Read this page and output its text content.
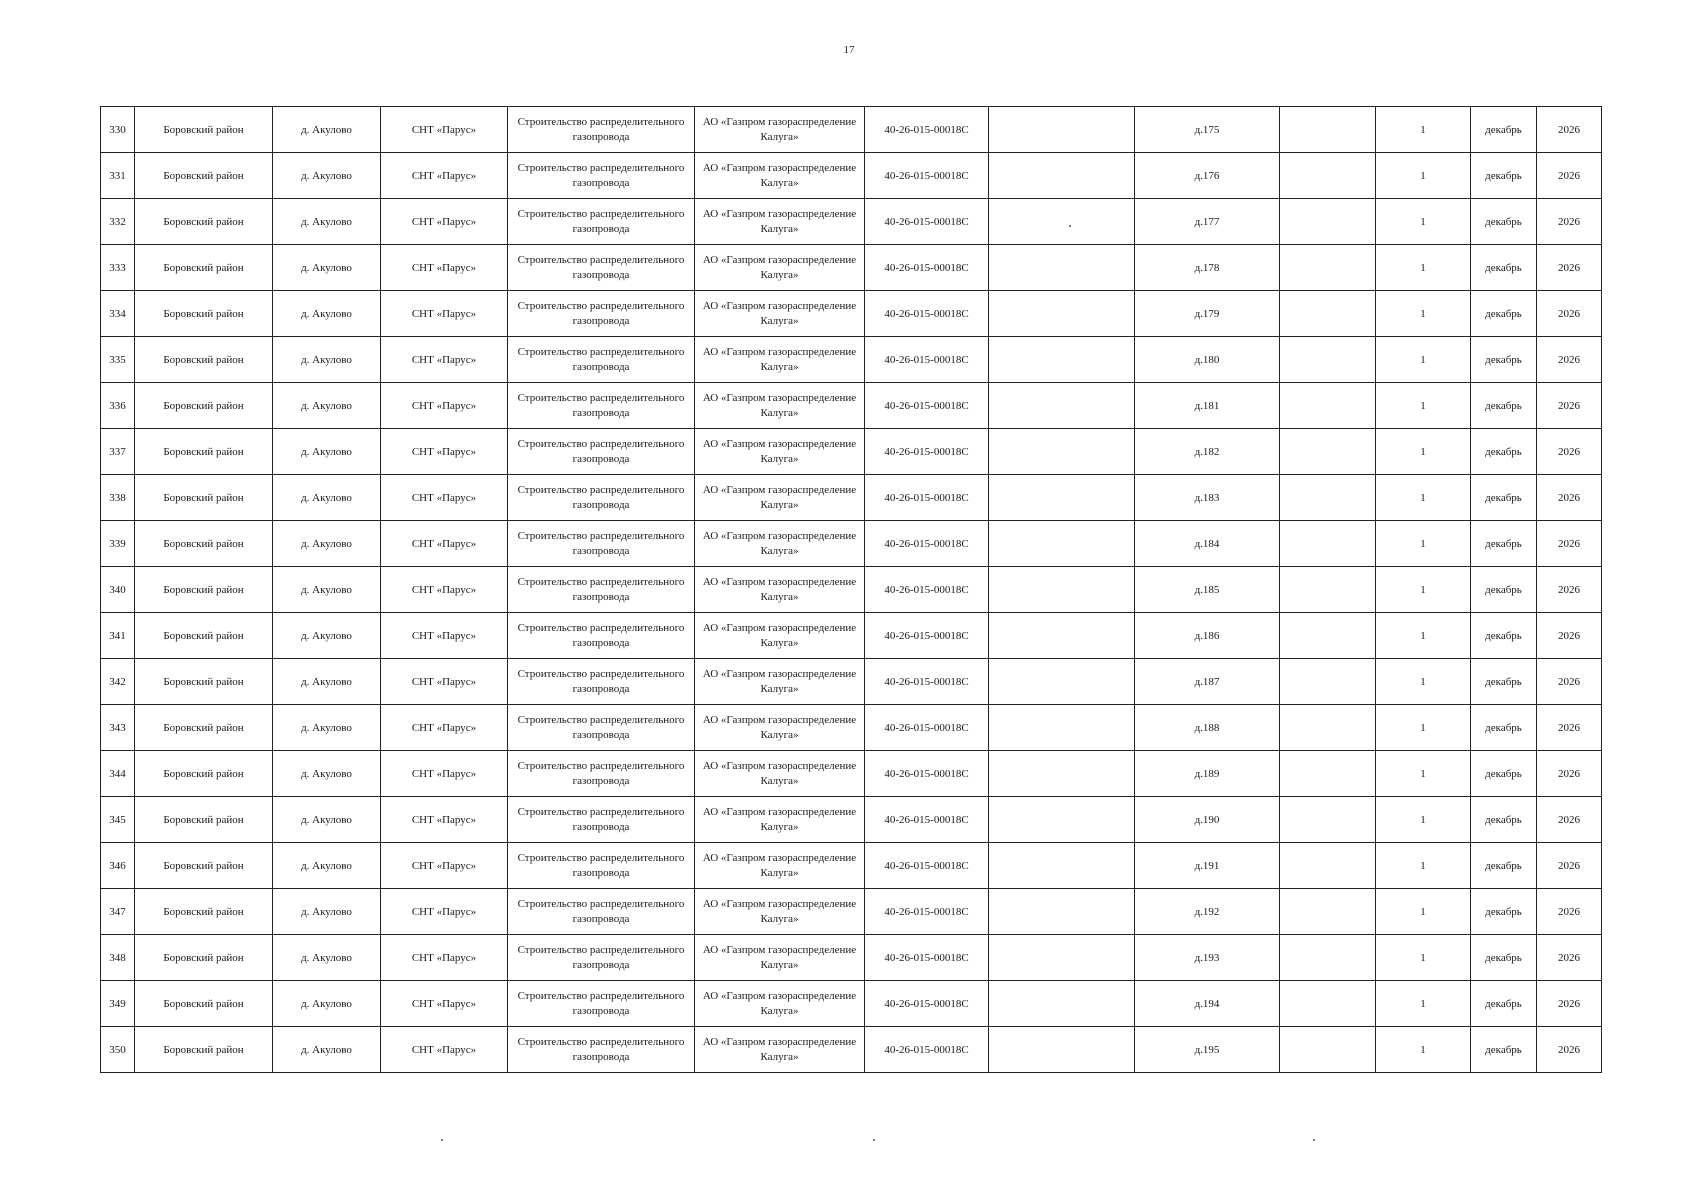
17
330	Боровский район	д. Акулово	СНТ «Парус»	Строительство распределительного газопровода	АО «Газпром газораспределение Калуга»	40-26-015-00018С		д.175		1	декабрь	2026
331	Боровский район	д. Акулово	СНТ «Парус»	Строительство распределительного газопровода	АО «Газпром газораспределение Калуга»	40-26-015-00018С		д.176		1	декабрь	2026
332	Боровский район	д. Акулово	СНТ «Парус»	Строительство распределительного газопровода	АО «Газпром газораспределение Калуга»	40-26-015-00018С		д.177		1	декабрь	2026
333	Боровский район	д. Акулово	СНТ «Парус»	Строительство распределительного газопровода	АО «Газпром газораспределение Калуга»	40-26-015-00018С		д.178		1	декабрь	2026
334	Боровский район	д. Акулово	СНТ «Парус»	Строительство распределительного газопровода	АО «Газпром газораспределение Калуга»	40-26-015-00018С		д.179		1	декабрь	2026
335	Боровский район	д. Акулово	СНТ «Парус»	Строительство распределительного газопровода	АО «Газпром газораспределение Калуга»	40-26-015-00018С		д.180		1	декабрь	2026
336	Боровский район	д. Акулово	СНТ «Парус»	Строительство распределительного газопровода	АО «Газпром газораспределение Калуга»	40-26-015-00018С		д.181		1	декабрь	2026
337	Боровский район	д. Акулово	СНТ «Парус»	Строительство распределительного газопровода	АО «Газпром газораспределение Калуга»	40-26-015-00018С		д.182		1	декабрь	2026
338	Боровский район	д. Акулово	СНТ «Парус»	Строительство распределительного газопровода	АО «Газпром газораспределение Калуга»	40-26-015-00018С		д.183		1	декабрь	2026
339	Боровский район	д. Акулово	СНТ «Парус»	Строительство распределительного газопровода	АО «Газпром газораспределение Калуга»	40-26-015-00018С		д.184		1	декабрь	2026
340	Боровский район	д. Акулово	СНТ «Парус»	Строительство распределительного газопровода	АО «Газпром газораспределение Калуга»	40-26-015-00018С		д.185		1	декабрь	2026
341	Боровский район	д. Акулово	СНТ «Парус»	Строительство распределительного газопровода	АО «Газпром газораспределение Калуга»	40-26-015-00018С		д.186		1	декабрь	2026
342	Боровский район	д. Акулово	СНТ «Парус»	Строительство распределительного газопровода	АО «Газпром газораспределение Калуга»	40-26-015-00018С		д.187		1	декабрь	2026
343	Боровский район	д. Акулово	СНТ «Парус»	Строительство распределительного газопровода	АО «Газпром газораспределение Калуга»	40-26-015-00018С		д.188		1	декабрь	2026
344	Боровский район	д. Акулово	СНТ «Парус»	Строительство распределительного газопровода	АО «Газпром газораспределение Калуга»	40-26-015-00018С		д.189		1	декабрь	2026
345	Боровский район	д. Акулово	СНТ «Парус»	Строительство распределительного газопровода	АО «Газпром газораспределение Калуга»	40-26-015-00018С		д.190		1	декабрь	2026
346	Боровский район	д. Акулово	СНТ «Парус»	Строительство распределительного газопровода	АО «Газпром газораспределение Калуга»	40-26-015-00018С		д.191		1	декабрь	2026
347	Боровский район	д. Акулово	СНТ «Парус»	Строительство распределительного газопровода	АО «Газпром газораспределение Калуга»	40-26-015-00018С		д.192		1	декабрь	2026
348	Боровский район	д. Акулово	СНТ «Парус»	Строительство распределительного газопровода	АО «Газпром газораспределение Калуга»	40-26-015-00018С		д.193		1	декабрь	2026
349	Боровский район	д. Акулово	СНТ «Парус»	Строительство распределительного газопровода	АО «Газпром газораспределение Калуга»	40-26-015-00018С		д.194		1	декабрь	2026
350	Боровский район	д. Акулово	СНТ «Парус»	Строительство распределительного газопровода	АО «Газпром газораспределение Калуга»	40-26-015-00018С		д.195		1	декабрь	2026
